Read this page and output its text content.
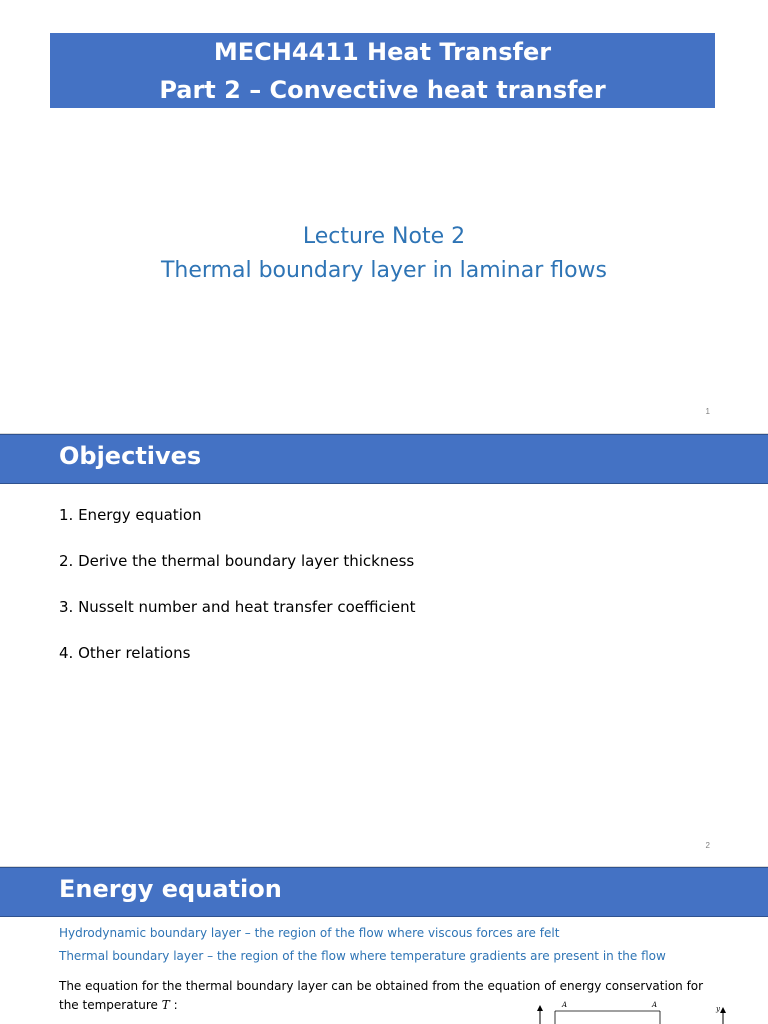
MECH4411 Heat Transfer
Part 2 – Convective heat transfer
Lecture Note 2
Thermal boundary layer in laminar flows
1
Objectives
1. Energy equation
2. Derive the thermal boundary layer thickness
3. Nusselt number and heat transfer coefficient
4. Other relations
2
Energy equation
Hydrodynamic boundary layer – the region of the flow where viscous forces are felt
Thermal boundary layer – the region of the flow where temperature gradients are present in the flow
The equation for the thermal boundary layer can be obtained from the equation of energy conservation for the temperature T :	A	A	y
